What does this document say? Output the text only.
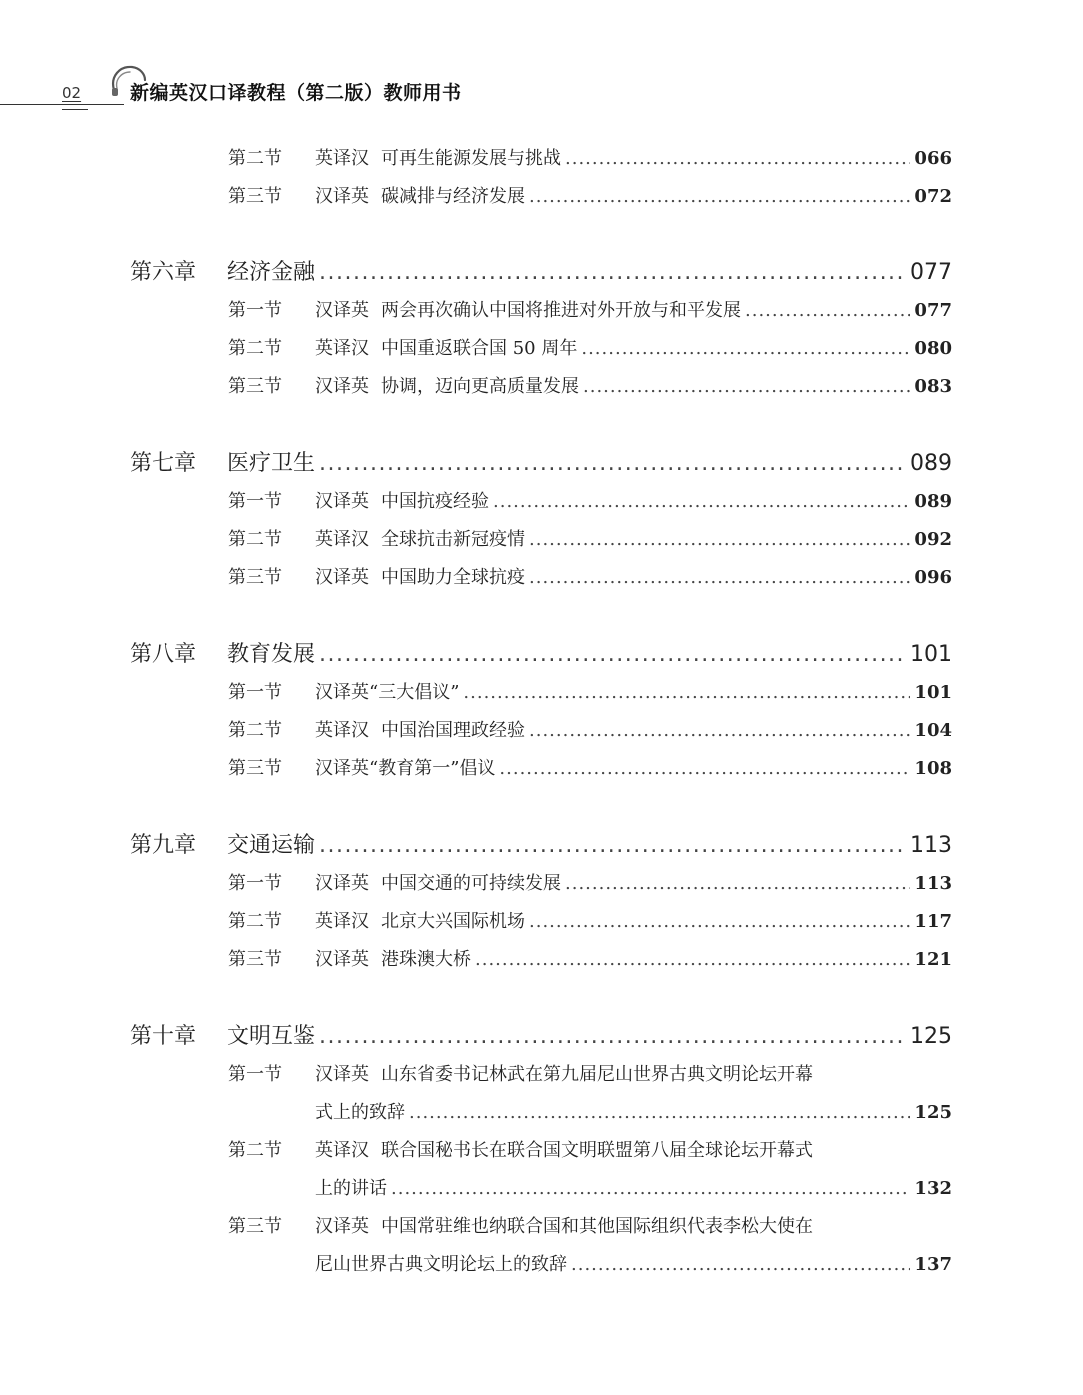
02	新编英汉口译教程（第二版）教师用书
第二节	英译汉 可再生能源发展与挑战 .....	066
第三节	汉译英 碳减排与经济发展 .....	072
第六章	经济金融 .....	077
第一节	汉译英 两会再次确认中国将推进对外开放与和平发展 .....	077
第二节	英译汉 中国重返联合国 50 周年 .....	080
第三节	汉译英 协调，迈向更高质量发展 .....	083
第七章	医疗卫生 .....	089
第一节	汉译英 中国抗疫经验 .....	089
第二节	英译汉 全球抗击新冠疫情 .....	092
第三节	汉译英 中国助力全球抗疫 .....	096
第八章	教育发展 .....	101
第一节	汉译英 “三大倡议” .....	101
第二节	英译汉 中国治国理政经验 .....	104
第三节	汉译英 “教育第一”倡议 .....	108
第九章	交通运输 .....	113
第一节	汉译英 中国交通的可持续发展 .....	113
第二节	英译汉 北京大兴国际机场 .....	117
第三节	汉译英 港珠澳大桥 .....	121
第十章	文明互鉴 .....	125
第一节	汉译英 山东省委书记林武在第九届尼山世界古典文明论坛开幕
式上的致辞 .....	125
第二节	英译汉 联合国秘书长在联合国文明联盟第八届全球论坛开幕式
上的讲话 .....	132
第三节	汉译英 中国常驻维也纳联合国和其他国际组织代表李松大使在
尼山世界古典文明论坛上的致辞 .....	137
